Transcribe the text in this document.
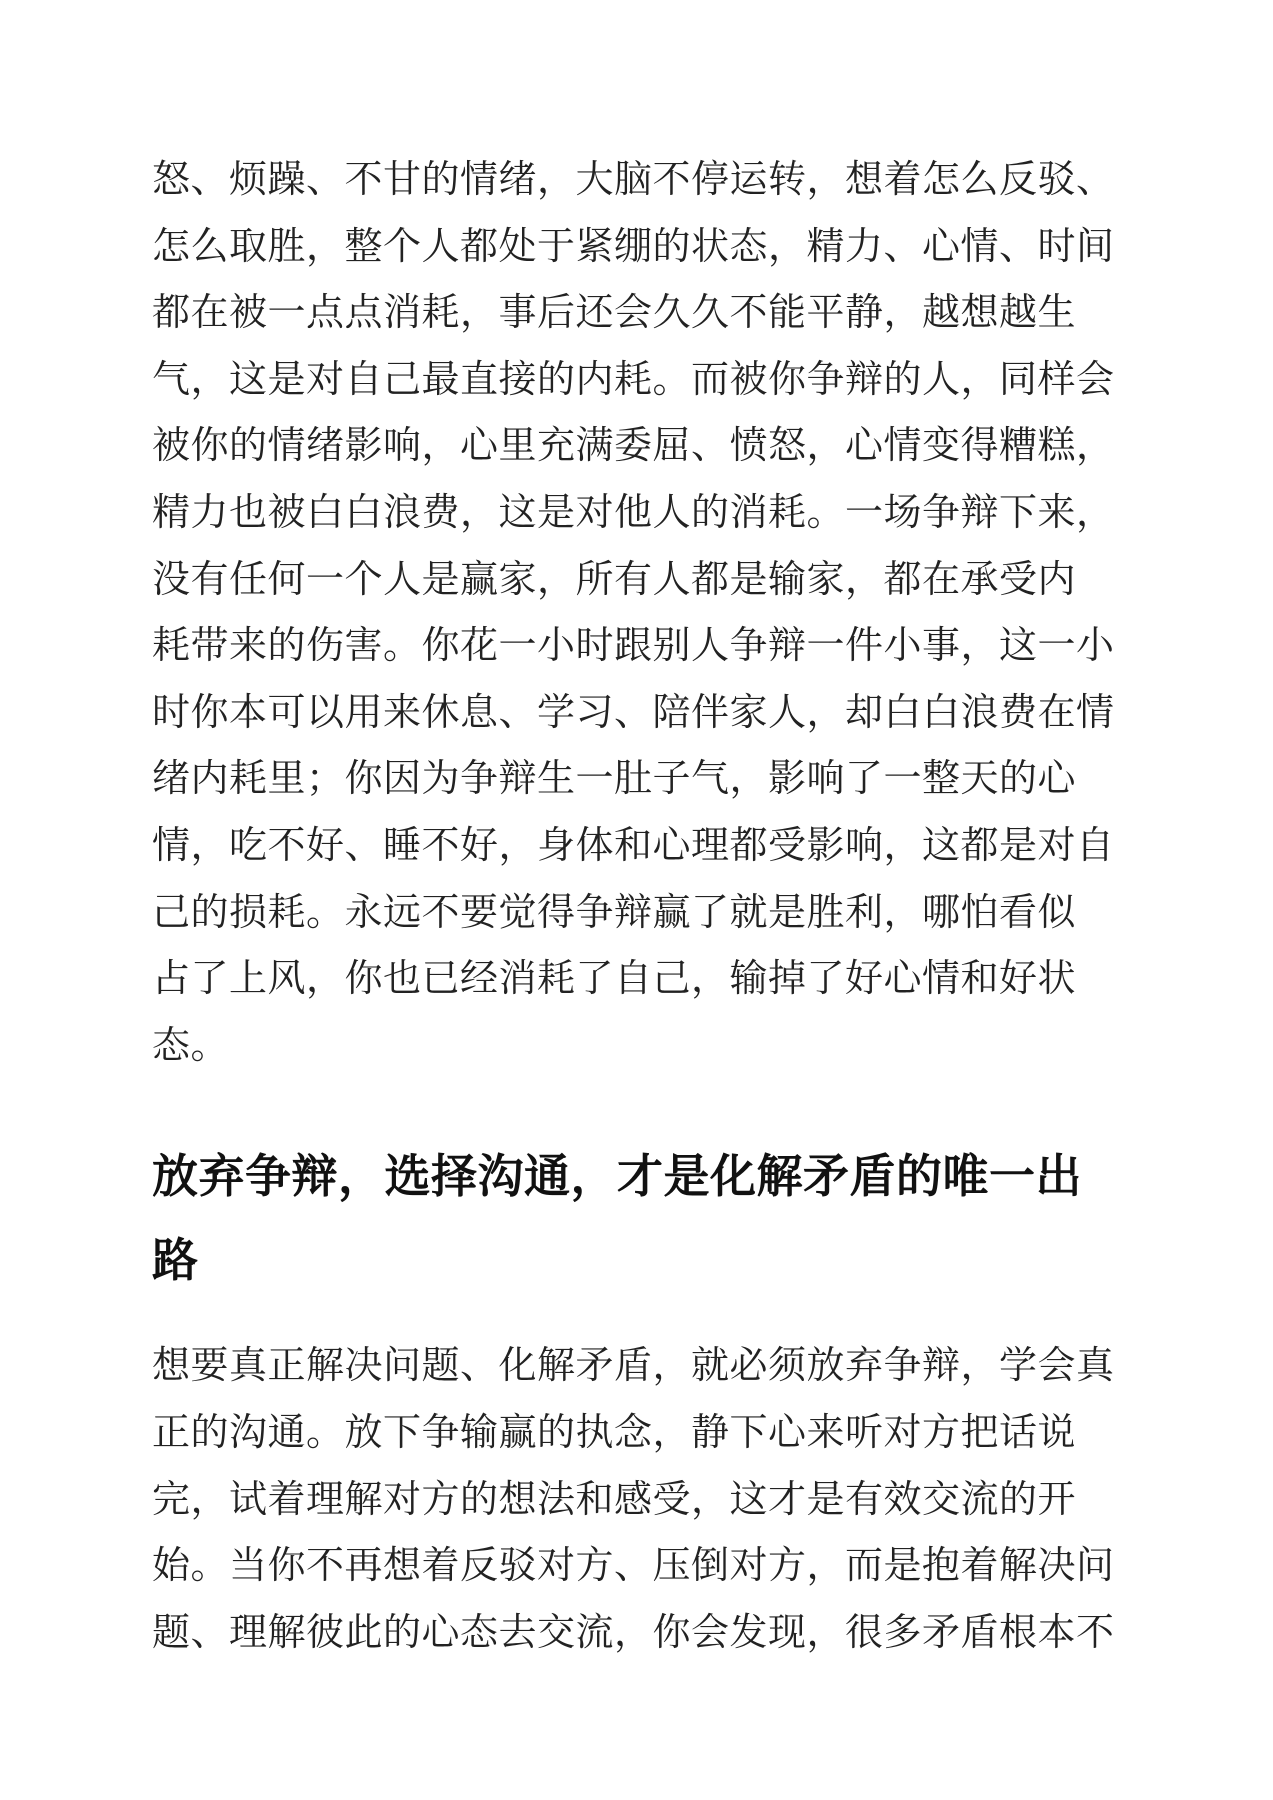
怒、烦躁、不甘的情绪，大脑不停运转，想着怎么反驳、
怎么取胜，整个人都处于紧绷的状态，精力、心情、时间
都在被一点点消耗，事后还会久久不能平静，越想越生
气，这是对自己最直接的内耗。而被你争辩的人，同样会
被你的情绪影响，心里充满委屈、愤怒，心情变得糟糕，
精力也被白白浪费，这是对他人的消耗。一场争辩下来，
没有任何一个人是赢家，所有人都是输家，都在承受内
耗带来的伤害。你花一小时跟别人争辩一件小事，这一小
时你本可以用来休息、学习、陪伴家人，却白白浪费在情
绪内耗里；你因为争辩生一肚子气，影响了一整天的心
情，吃不好、睡不好，身体和心理都受影响，这都是对自
己的损耗。永远不要觉得争辩赢了就是胜利，哪怕看似
占了上风，你也已经消耗了自己，输掉了好心情和好状
态。

放弃争辩，选择沟通，才是化解矛盾的唯一出
路

想要真正解决问题、化解矛盾，就必须放弃争辩，学会真
正的沟通。放下争输赢的执念，静下心来听对方把话说
完，试着理解对方的想法和感受，这才是有效交流的开
始。当你不再想着反驳对方、压倒对方，而是抱着解决问
题、理解彼此的心态去交流，你会发现，很多矛盾根本不
